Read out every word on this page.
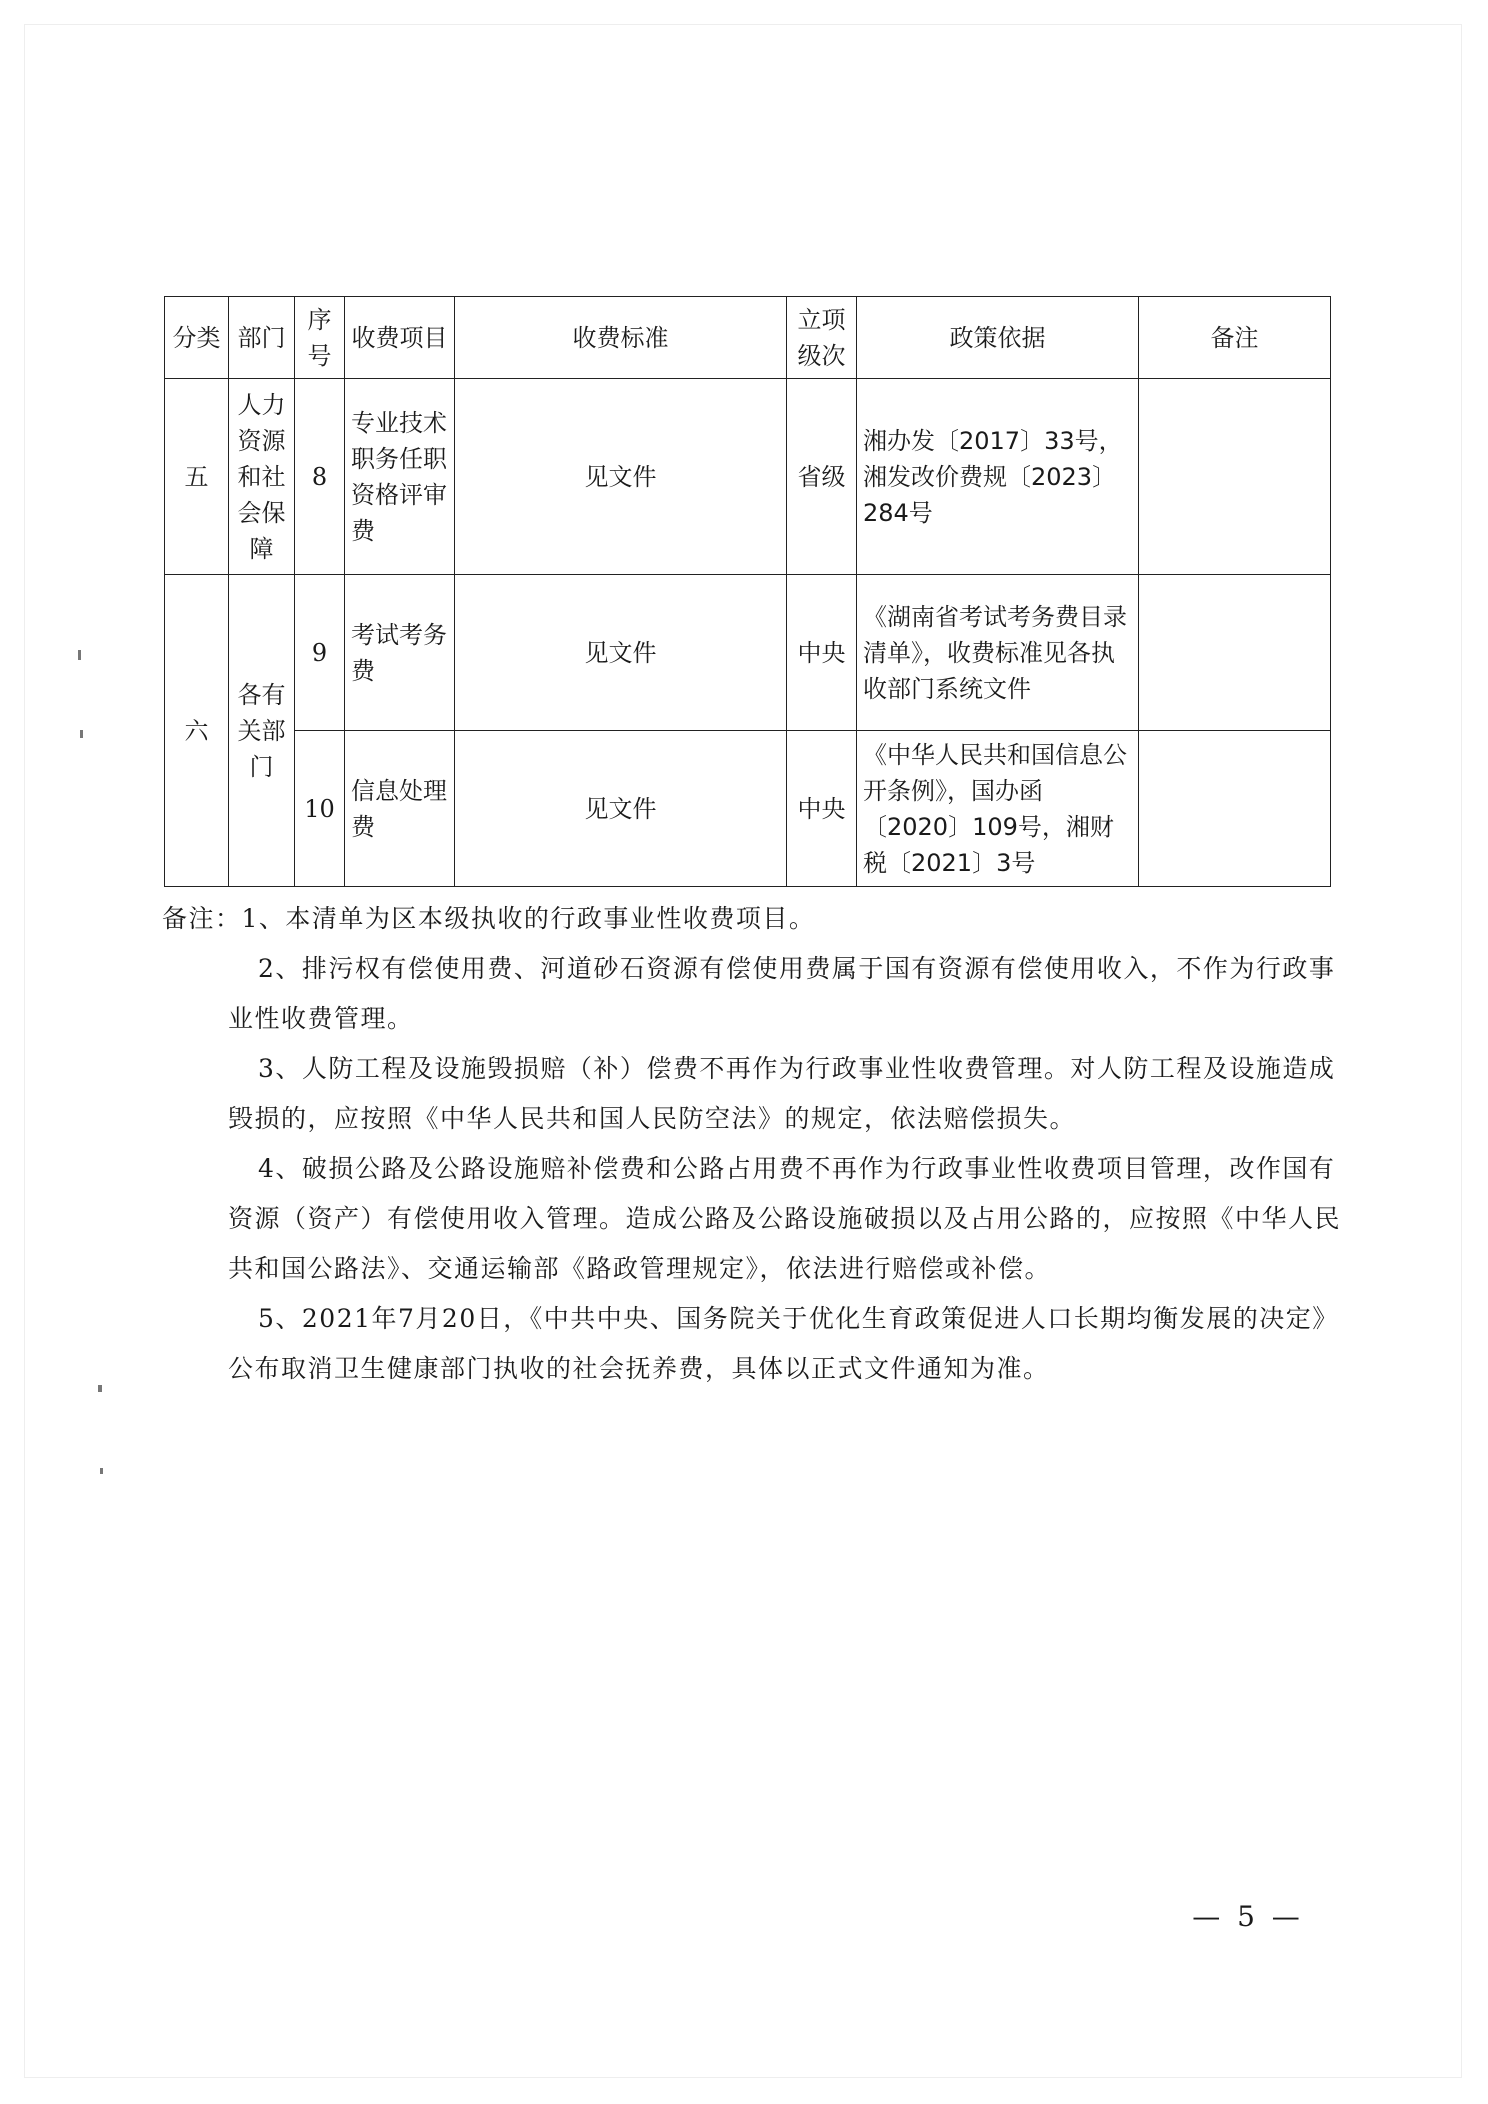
分类	部门	序号	收费项目	收费标准	立项级次	政策依据	备注
五	人力资源和社会保障	8	专业技术职务任职资格评审费	见文件	省级	湘办发〔2017〕33号，湘发改价费规〔2023〕284号	
六	各有关部门	9	考试考务费	见文件	中央	《湖南省考试考务费目录清单》，收费标准见各执收部门系统文件	
		10	信息处理费	见文件	中央	《中华人民共和国信息公开条例》，国办函〔2020〕109号，湘财税〔2021〕3号	

备注：1、本清单为区本级执收的行政事业性收费项目。

2、排污权有偿使用费、河道砂石资源有偿使用费属于国有资源有偿使用收入，不作为行政事业性收费管理。

3、人防工程及设施毁损赔（补）偿费不再作为行政事业性收费管理。对人防工程及设施造成毁损的，应按照《中华人民共和国人民防空法》的规定，依法赔偿损失。

4、破损公路及公路设施赔补偿费和公路占用费不再作为行政事业性收费项目管理，改作国有资源（资产）有偿使用收入管理。造成公路及公路设施破损以及占用公路的，应按照《中华人民共和国公路法》、交通运输部《路政管理规定》，依法进行赔偿或补偿。

5、2021年7月20日，《中共中央、国务院关于优化生育政策促进人口长期均衡发展的决定》公布取消卫生健康部门执收的社会抚养费，具体以正式文件通知为准。

— 5 —
